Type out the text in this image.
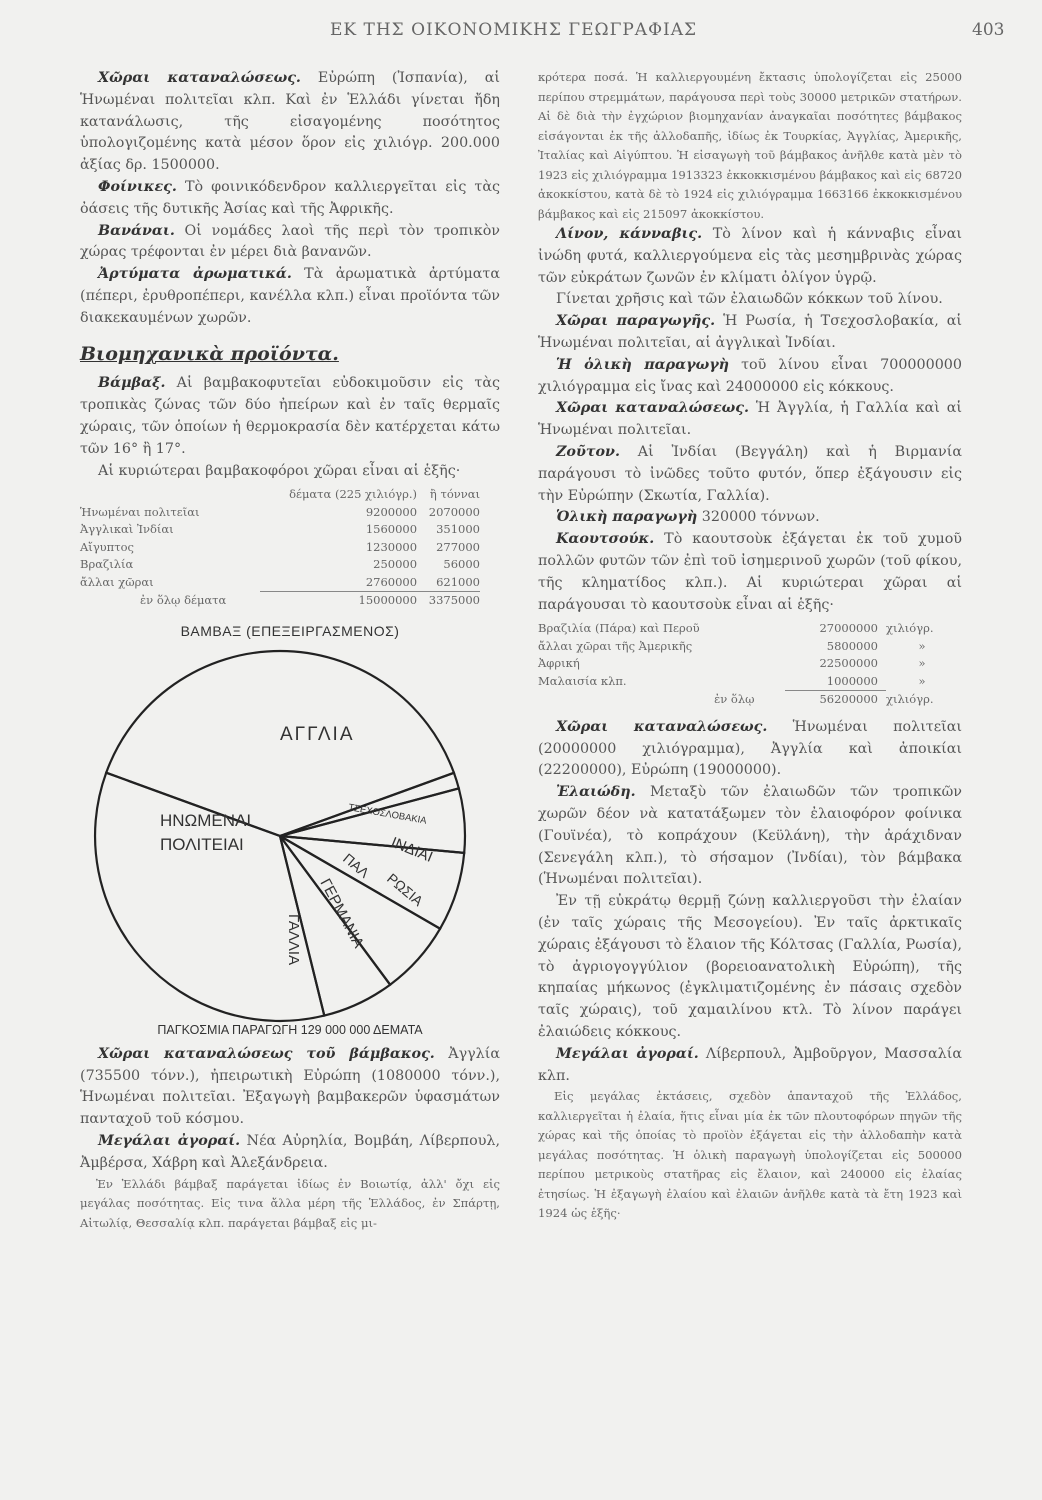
ΕΚ ΤΗΣ ΟΙΚΟΝΟΜΙΚΗΣ ΓΕΩΓΡΑΦΙΑΣ	403

Χῶραι καταναλώσεως. Εὐρώπη (Ἰσπανία), αἱ Ἡνωμέναι πολιτεῖαι κλπ. Καὶ ἐν Ἑλλάδι γίνεται ἤδη κατανάλωσις, τῆς εἰσαγομένης ποσότητος ὑπολογιζομένης κατὰ μέσον ὅρον εἰς χιλιόγρ. 200.000 ἀξίας δρ. 1500000.

Φοίνικες. Τὸ φοινικόδενδρον καλλιεργεῖται εἰς τὰς ὀάσεις τῆς δυτικῆς Ἀσίας καὶ τῆς Ἀφρικῆς.

Βανάναι. Οἱ νομάδες λαοὶ τῆς περὶ τὸν τροπικὸν χώρας τρέφονται ἐν μέρει διὰ βανανῶν.

Ἀρτύματα ἀρωματικά. Τὰ ἀρωματικὰ ἀρτύματα (πέπερι, ἐρυθροπέπερι, κανέλλα κλπ.) εἶναι προϊόντα τῶν διακεκαυμένων χωρῶν.

Βιομηχανικὰ προϊόντα.

Βάμβαξ. Αἱ βαμβακοφυτεῖαι εὐδοκιμοῦσιν εἰς τὰς τροπικὰς ζώνας τῶν δύο ἠπείρων καὶ ἐν ταῖς θερμαῖς χώραις, τῶν ὁποίων ἡ θερμοκρασία δὲν κατέρχεται κάτω τῶν 16° ἢ 17°.

Αἱ κυριώτεραι βαμβακοφόροι χῶραι εἶναι αἱ ἑξῆς·

	δέματα (225 χιλιόγρ.)	ἢ τόνναι
Ἡνωμέναι πολιτεῖαι	9200000	2070000
Ἀγγλικαὶ Ἰνδίαι	1560000	351000
Αἴγυπτος	1230000	277000
Βραζιλία	250000	56000
ἄλλαι χῶραι	2760000	621000
ἐν ὅλῳ δέματα	15000000	3375000
ΒΑΜΒΑΞ (ΕΠΕΞΕΙΡΓΑΣΜΕΝΟΣ)
ΑΓΓΛΙΑ
ΤΣΕΧΟΣΛΟΒΑΚΙΑ
ΙΝΔΙΑΙ
ΠΑΛ
ΡΩΣΙΑ
ΓΕΡΜΑΝΙΑ
ΓΑΛΛΙΑ
ΗΝΩΜΕΝΑΙ
ΠΟΛΙΤΕΙΑΙ
ΠΑΓΚΟΣΜΙΑ ΠΑΡΑΓΩΓΗ 129 000 000 ΔΕΜΑΤΑ

Χῶραι καταναλώσεως τοῦ βάμβακος. Ἀγγλία (735500 τόνν.), ἠπειρωτικὴ Εὐρώπη (1080000 τόνν.), Ἡνωμέναι πολιτεῖαι. Ἐξαγωγὴ βαμβακερῶν ὑφασμάτων πανταχοῦ τοῦ κόσμου.

Μεγάλαι ἀγοραί. Νέα Αὐρηλία, Βομβάη, Λίβερπουλ, Ἀμβέρσα, Χάβρη καὶ Ἀλεξάνδρεια.

Ἐν Ἑλλάδι βάμβαξ παράγεται ἰδίως ἐν Βοιωτίᾳ, ἀλλ' ὄχι εἰς μεγάλας ποσότητας. Εἰς τινα ἄλλα μέρη τῆς Ἑλλάδος, ἐν Σπάρτῃ, Αἰτωλίᾳ, Θεσσαλίᾳ κλπ. παράγεται βάμβαξ εἰς μι-

κρότερα ποσά. Ἡ καλλιεργουμένη ἔκτασις ὑπολογίζεται εἰς 25000 περίπου στρεμμάτων, παράγουσα περὶ τοὺς 30000 μετρικῶν στατήρων. Αἱ δὲ διὰ τὴν ἐγχώριον βιομηχανίαν ἀναγκαῖαι ποσότητες βάμβακος εἰσάγονται ἐκ τῆς ἀλλοδαπῆς, ἰδίως ἐκ Τουρκίας, Ἀγγλίας, Ἀμερικῆς, Ἰταλίας καὶ Αἰγύπτου. Ἡ εἰσαγωγὴ τοῦ βάμβακος ἀνῆλθε κατὰ μὲν τὸ 1923 εἰς χιλιόγραμμα 1913323 ἐκκοκκισμένου βάμβακος καὶ εἰς 68720 ἀκοκκίστου, κατὰ δὲ τὸ 1924 εἰς χιλιόγραμμα 1663166 ἐκκοκκισμένου βάμβακος καὶ εἰς 215097 ἀκοκκίστου.

Λίνον, κάνναβις. Τὸ λίνον καὶ ἡ κάνναβις εἶναι ἰνώδη φυτά, καλλιεργούμενα εἰς τὰς μεσημβρινὰς χώρας τῶν εὐκράτων ζωνῶν ἐν κλίματι ὀλίγον ὑγρῷ.

Γίνεται χρῆσις καὶ τῶν ἐλαιωδῶν κόκκων τοῦ λίνου.

Χῶραι παραγωγῆς. Ἡ Ρωσία, ἡ Τσεχοσλοβακία, αἱ Ἡνωμέναι πολιτεῖαι, αἱ ἀγγλικαὶ Ἰνδίαι.

Ἡ ὁλικὴ παραγωγὴ τοῦ λίνου εἶναι 700000000 χιλιόγραμμα εἰς ἴνας καὶ 24000000 εἰς κόκκους.

Χῶραι καταναλώσεως. Ἡ Ἀγγλία, ἡ Γαλλία καὶ αἱ Ἡνωμέναι πολιτεῖαι.

Ζοῦτον. Αἱ Ἰνδίαι (Βεγγάλη) καὶ ἡ Βιρμανία παράγουσι τὸ ἰνῶδες τοῦτο φυτόν, ὅπερ ἐξάγουσιν εἰς τὴν Εὐρώπην (Σκωτία, Γαλλία).

Ὁλικὴ παραγωγὴ 320000 τόννων.

Καουτσούκ. Τὸ καουτσοὺκ ἐξάγεται ἐκ τοῦ χυμοῦ πολλῶν φυτῶν τῶν ἐπὶ τοῦ ἰσημερινοῦ χωρῶν (τοῦ φίκου, τῆς κληματίδος κλπ.). Αἱ κυριώτεραι χῶραι αἱ παράγουσαι τὸ καουτσοὺκ εἶναι αἱ ἑξῆς·

Βραζιλία (Πάρα) καὶ Περοῦ	27000000	χιλιόγρ.
ἄλλαι χῶραι τῆς Ἀμερικῆς	5800000	»
Ἀφρική	22500000	»
Μαλαισία κλπ.	1000000	»
ἐν ὅλῳ	56200000	χιλιόγρ.

Χῶραι καταναλώσεως. Ἡνωμέναι πολιτεῖαι (20000000 χιλιόγραμμα), Ἀγγλία καὶ ἀποικίαι (22200000), Εὐρώπη (19000000).

Ἐλαιώδη. Μεταξὺ τῶν ἐλαιωδῶν τῶν τροπικῶν χωρῶν δέον νὰ κατατάξωμεν τὸν ἐλαιοφόρον φοίνικα (Γουϊνέα), τὸ κοπράχουν (Κεϋλάνη), τὴν ἀράχιδναν (Σενεγάλη κλπ.), τὸ σήσαμον (Ἰνδίαι), τὸν βάμβακα (Ἡνωμέναι πολιτεῖαι).

Ἐν τῇ εὐκράτῳ θερμῇ ζώνῃ καλλιεργοῦσι τὴν ἐλαίαν (ἐν ταῖς χώραις τῆς Μεσογείου). Ἐν ταῖς ἀρκτικαῖς χώραις ἐξάγουσι τὸ ἔλαιον τῆς Κόλτσας (Γαλλία, Ρωσία), τὸ ἀγριογογγύλιον (βορειοανατολικὴ Εὐρώπη), τῆς κηπαίας μήκωνος (ἐγκλιματιζομένης ἐν πάσαις σχεδὸν ταῖς χώραις), τοῦ χαμαιλίνου κτλ. Τὸ λίνον παράγει ἐλαιώδεις κόκκους.

Μεγάλαι ἀγοραί. Λίβερπουλ, Ἀμβοῦργον, Μασσαλία κλπ.

Εἰς μεγάλας ἐκτάσεις, σχεδὸν ἁπανταχοῦ τῆς Ἑλλάδος, καλλιεργεῖται ἡ ἐλαία, ἥτις εἶναι μία ἐκ τῶν πλουτοφόρων πηγῶν τῆς χώρας καὶ τῆς ὁποίας τὸ προϊὸν ἐξάγεται εἰς τὴν ἀλλοδαπὴν κατὰ μεγάλας ποσότητας. Ἡ ὁλικὴ παραγωγὴ ὑπολογίζεται εἰς 500000 περίπου μετρικοὺς στατῆρας εἰς ἔλαιον, καὶ 240000 εἰς ἐλαίας ἐτησίως. Ἡ ἐξαγωγὴ ἐλαίου καὶ ἐλαιῶν ἀνῆλθε κατὰ τὰ ἔτη 1923 καὶ 1924 ὡς ἑξῆς·
